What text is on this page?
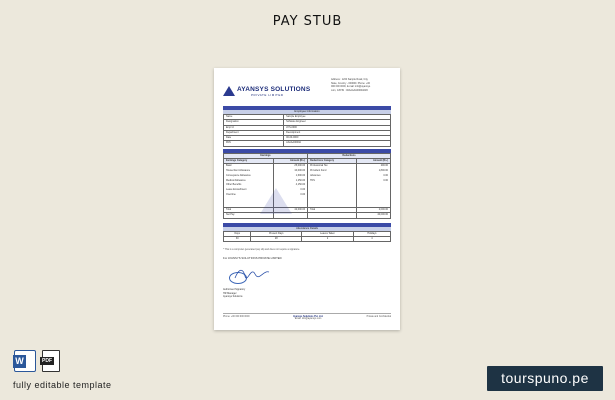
PAY STUB
AYANSYS SOLUTIONS
PRIVATE LIMITED
Address : 1234 Sample Road, City,
State, Country - 000000. Phone: +00
000 000 0000, E-mail: info@ayansys.
com, GSTIN : 00AAAAA0000A0Z0
Employee Information
Name	Sample Employee
Designation	Software Engineer
Emp Id	AYS-0000
Department	Development
Date	00-00-0000
PAN	AAAAA0000A
Earnings		Deductions	
Earnings Category	Amount (Rs.)	Deductions Category	Amount (Rs.)
Basic	25,000.00	Professional Tax	200.00
House Rent Allowance	10,000.00	Provident Fund	1,800.00
Conveyance Allowance	1,600.00	Advances	0.00
Medical Allowance	1,250.00	TDS	0.00
Other Benefits	4,150.00		
Leave Encashment	0.00		
Overtime	0.00		

Total	42,000.00	Total	2,000.00
Net Pay			40,000.00
Attendance Details
Days	Present Days	Leaves Taken	Holidays
30	28	2	4
* This is a computer generated pay slip and does not require a signature.
For AYANSYS SOLUTIONS PRIVATE LIMITED
Authorised Signatory
HR Manager
Ayansys Solutions
Phone: +00 000 000 0000	Ayansys Solutions Pvt. Ltd.
Email: info@ayansys.com
Private and Confidential
W	PDF
fully editable template	tourspuno.pe
